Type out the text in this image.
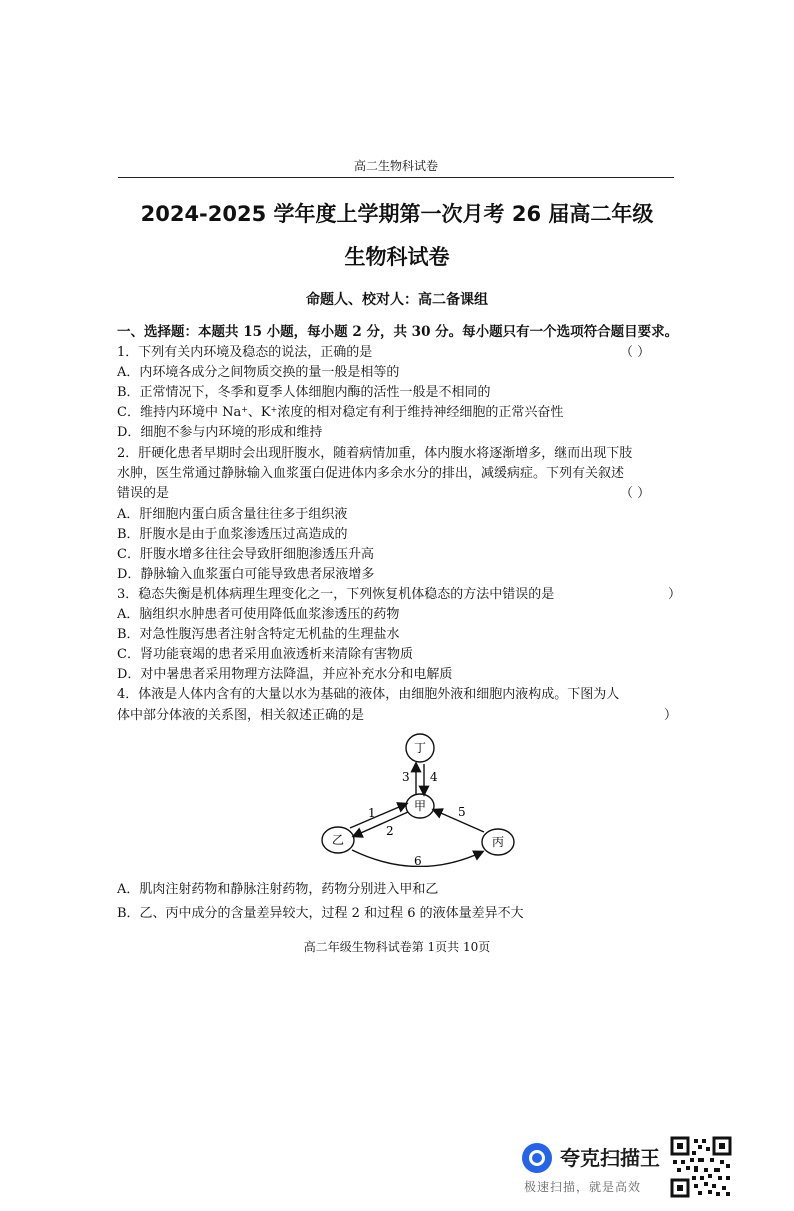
高二生物科试卷
2024-2025 学年度上学期第一次月考 26 届高二年级
生物科试卷
命题人、校对人：高二备课组
一、选择题：本题共 15 小题，每小题 2 分，共 30 分。每小题只有一个选项符合题目要求。
1．下列有关内环境及稳态的说法，正确的是	（ ）
A．内环境各成分之间物质交换的量一般是相等的
B．正常情况下，冬季和夏季人体细胞内酶的活性一般是不相同的
C．维持内环境中 Na+、K+浓度的相对稳定有利于维持神经细胞的正常兴奋性
D．细胞不参与内环境的形成和维持
2．肝硬化患者早期时会出现肝腹水，随着病情加重，体内腹水将逐渐增多，继而出现下肢
水肿，医生常通过静脉输入血浆蛋白促进体内多余水分的排出，减缓病症。下列有关叙述
错误的是	（ ）
A．肝细胞内蛋白质含量往往多于组织液
B．肝腹水是由于血浆渗透压过高造成的
C．肝腹水增多往往会导致肝细胞渗透压升高
D．静脉输入血浆蛋白可能导致患者尿液增多
3．稳态失衡是机体病理生理变化之一，下列恢复机体稳态的方法中错误的是	）
A．脑组织水肿患者可使用降低血浆渗透压的药物
B．对急性腹泻患者注射含特定无机盐的生理盐水
C．肾功能衰竭的患者采用血液透析来清除有害物质
D．对中暑患者采用物理方法降温，并应补充水分和电解质
4．体液是人体内含有的大量以水为基础的液体，由细胞外液和细胞内液构成。下图为人
体中部分体液的关系图，相关叙述正确的是	）
丁
甲
乙	丙
3 4
1
2
5
6
A．肌肉注射药物和静脉注射药物，药物分别进入甲和乙
B．乙、丙中成分的含量差异较大，过程 2 和过程 6 的液体量差异不大
高二年级生物科试卷第 1页共 10页
夸克扫描王
极速扫描，就是高效
